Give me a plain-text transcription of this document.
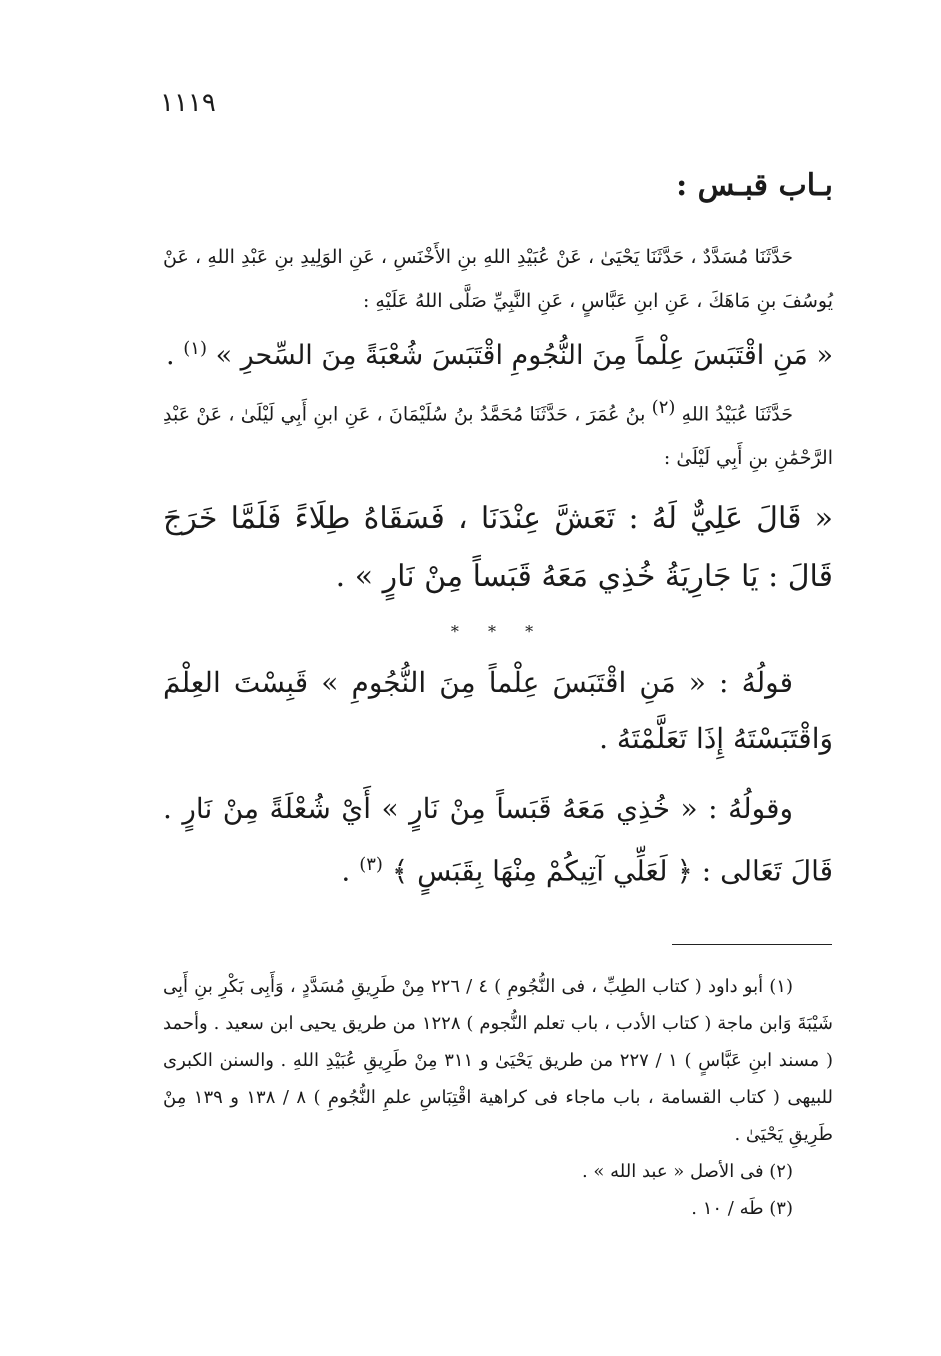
١١١٩
بـاب قبـس :

حَدَّثَنَا مُسَدَّدٌ ، حَدَّثَنَا يَحْيَىٰ ، عَنْ عُبَيْدِ اللهِ بنِ الأَخْنَسِ ، عَنِ الوَلِيدِ بنِ عَبْدِ اللهِ ، عَنْ يُوسُفَ بنِ مَاهَكَ ، عَنِ ابنِ عَبَّاسٍ ، عَنِ النَّبِيِّ صَلَّى اللهُ عَلَيْهِ :

« مَنِ اقْتَبَسَ عِلْماً مِنَ النُّجُومِ اقْتَبَسَ شُعْبَةً مِنَ السِّحرِ » $^{(١)}$ .

حَدَّثَنَا عُبَيْدُ اللهِ (٢) بنُ عُمَرَ ، حَدَّثَنَا مُحَمَّدُ بنُ سُلَيْمَانَ ، عَنِ ابنِ أَبِي لَيْلَىٰ ، عَنْ عَبْدِ الرَّحْمَٰنِ بنِ أَبِي لَيْلَىٰ :

« قَالَ عَلِيٌّ لَهُ : تَعَشَّ عِنْدَنَا ، فَسَقَاهُ طِلَاءً فَلَمَّا خَرَجَ قَالَ : يَا جَارِيَةُ خُذِي مَعَهُ قَبَساً مِنْ نَارٍ » .

* * *

قولُهُ : « مَنِ اقْتَبَسَ عِلْماً مِنَ النُّجُومِ » قَبِسْتَ العِلْمَ وَاقْتَبَسْتَهُ إِذَا تَعَلَّمْتَهُ .

وقولُهُ : « خُذِي مَعَهُ قَبَساً مِنْ نَارٍ » أَيْ شُعْلَةً مِنْ نَارٍ . قَالَ تَعَالى : ﴿ لَعَلِّي آتِيكُمْ مِنْهَا بِقَبَسٍ ﴾ $^{(٣)}$ .

(١) أبو داود ( كتاب الطِبِّ ، فى النُّجُومِ ) ٤ / ٢٢٦ مِنْ طَرِيقِ مُسَدَّدٍ ، وَأَبِى بَكْرِ بنِ أَبِى شَيْبَةَ وَابن ماجة ( كتاب الأدب ، باب تعلم النُّجوم ) ١٢٢٨ من طريق يحيى ابن سعيد . وأحمد ( مسند ابنِ عَبَّاسٍ ) ١ / ٢٢٧ من طريق يَحْيَىٰ و ٣١١ مِنْ طَرِيقِ عُبَيْدِ اللهِ . والسنن الكبرى للبيهى ( كتاب القسامة ، باب ماجاء فى كراهية اقْتِبَاسِ علمِ النُّجُومِ ) ٨ / ١٣٨ و ١٣٩ مِنْ طَرِيقِ يَحْيَىٰ .

(٢) فى الأصل « عبد الله » .

(٣) طَه / ١٠ .
